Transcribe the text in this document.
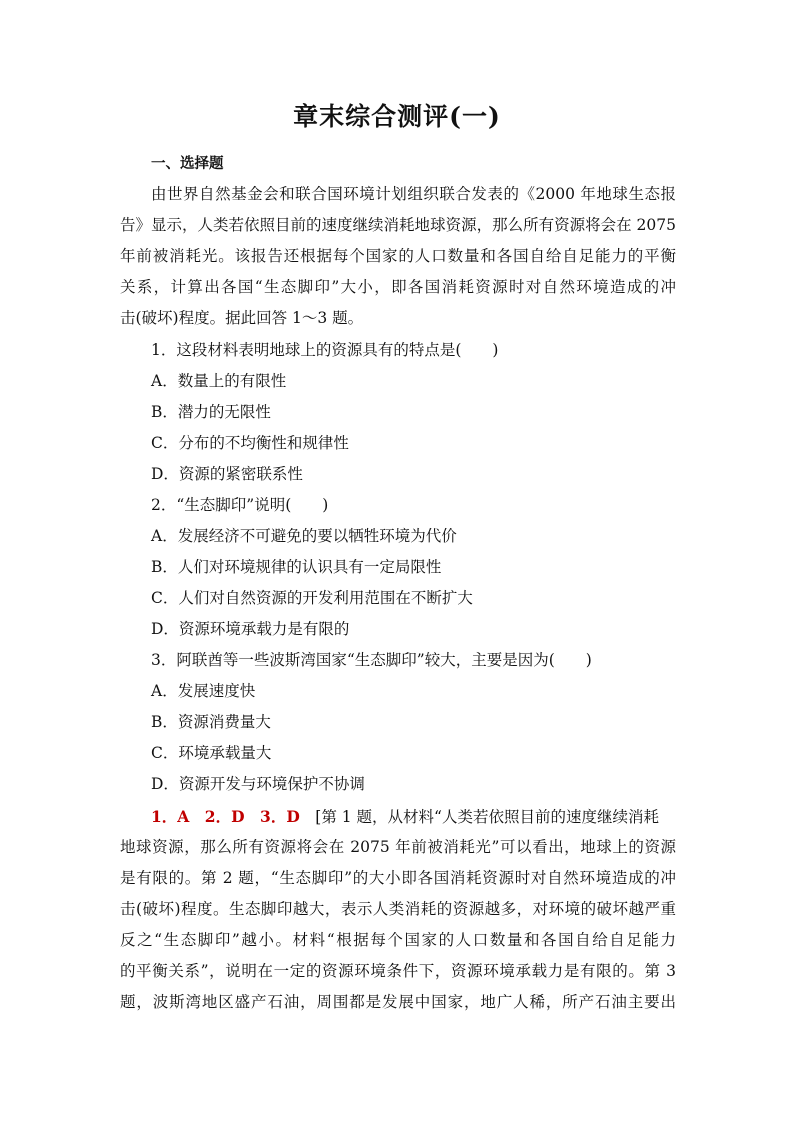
章末综合测评(一)
一、选择题
由世界自然基金会和联合国环境计划组织联合发表的《2000 年地球生态报
告》显示，人类若依照目前的速度继续消耗地球资源，那么所有资源将会在 2075
年前被消耗光。该报告还根据每个国家的人口数量和各国自给自足能力的平衡
关系，计算出各国“生态脚印”大小，即各国消耗资源时对自然环境造成的冲
击(破坏)程度。据此回答 1～3 题。
1．这段材料表明地球上的资源具有的特点是(　　)
A．数量上的有限性
B．潜力的无限性
C．分布的不均衡性和规律性
D．资源的紧密联系性
2．“生态脚印”说明(　　)
A．发展经济不可避免的要以牺牲环境为代价
B．人们对环境规律的认识具有一定局限性
C．人们对自然资源的开发利用范围在不断扩大
D．资源环境承载力是有限的
3．阿联酋等一些波斯湾国家“生态脚印”较大，主要是因为(　　)
A．发展速度快
B．资源消费量大
C．环境承载量大
D．资源开发与环境保护不协调
1．A　2．D　3．D　 [第 1 题，从材料“人类若依照目前的速度继续消耗
地球资源，那么所有资源将会在 2075 年前被消耗光”可以看出，地球上的资源
是有限的。第 2 题，“生态脚印”的大小即各国消耗资源时对自然环境造成的冲
击(破坏)程度。生态脚印越大，表示人类消耗的资源越多，对环境的破坏越严重
反之“生态脚印”越小。材料“根据每个国家的人口数量和各国自给自足能力
的平衡关系”，说明在一定的资源环境条件下，资源环境承载力是有限的。第 3
题，波斯湾地区盛产石油，周围都是发展中国家，地广人稀，所产石油主要出
